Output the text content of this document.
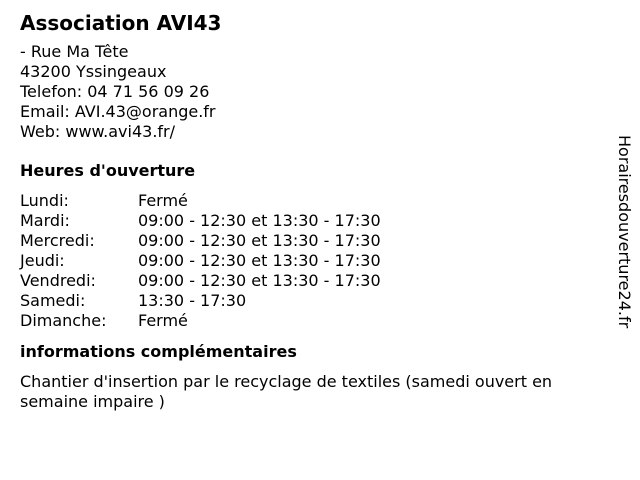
Association AVI43

- Rue Ma Tête

43200 Yssingeaux

Telefon: 04 71 56 09 26

Email: AVI.43@orange.fr

Web: www.avi43.fr/

Heures d'ouverture
Lundi:	Fermé
Mardi:	09:00 - 12:30 et 13:30 - 17:30
Mercredi:	09:00 - 12:30 et 13:30 - 17:30
Jeudi:	09:00 - 12:30 et 13:30 - 17:30
Vendredi:	09:00 - 12:30 et 13:30 - 17:30
Samedi:	13:30 - 17:30
Dimanche:	Fermé
informations complémentaires

Chantier d'insertion par le recyclage de textiles (samedi ouvert en semaine impaire )

Horairesdouverture24.fr
